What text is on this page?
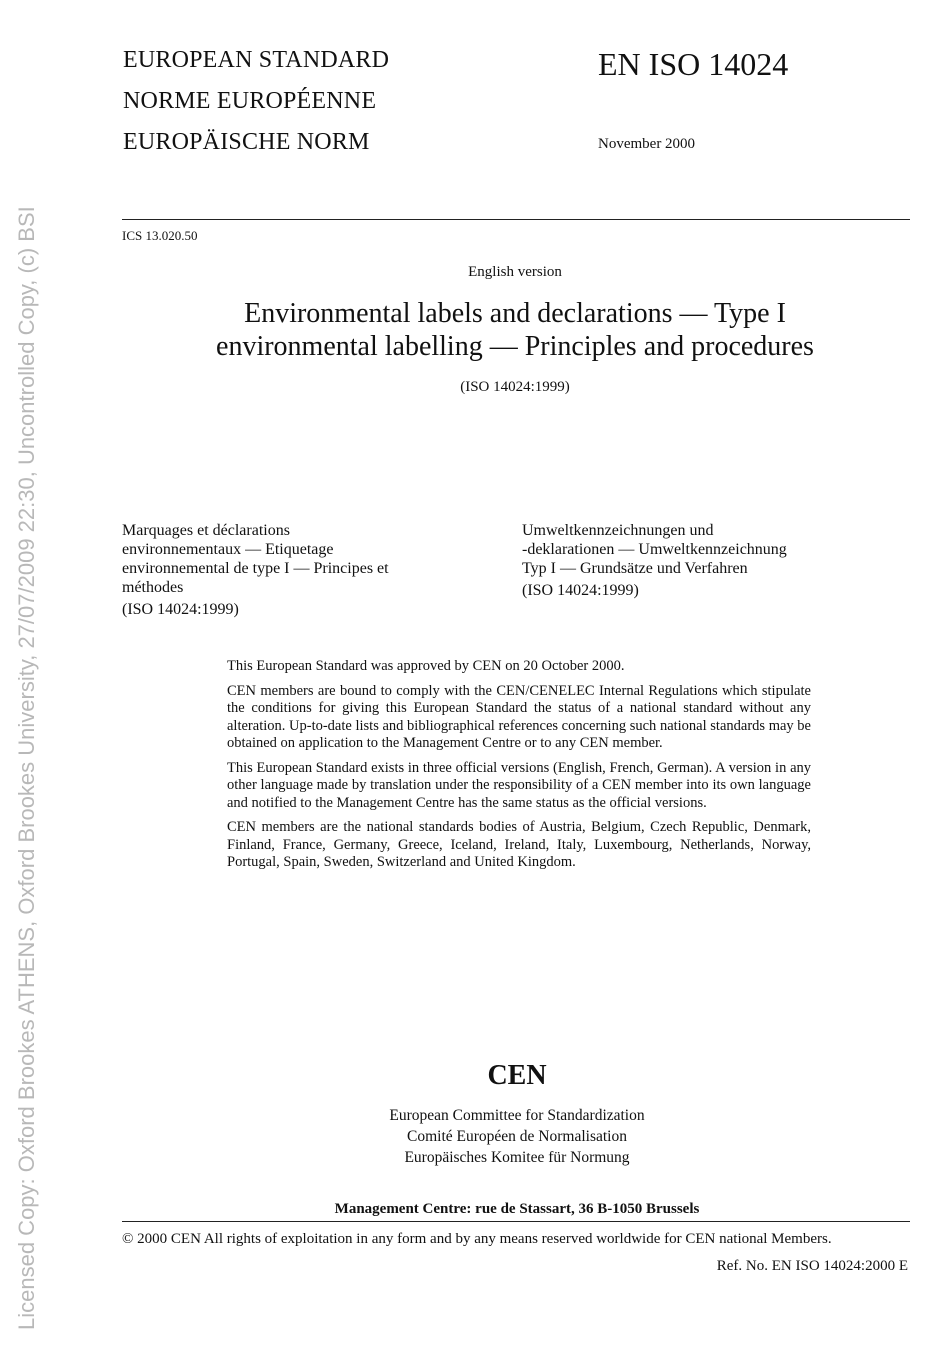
Licensed Copy: Oxford Brookes ATHENS, Oxford Brookes University, 27/07/2009 22:30, Uncontrolled Copy, (c) BSI
EUROPEAN STANDARD
NORME EUROPÉENNE
EUROPÄISCHE NORM
EN ISO 14024
November 2000
ICS 13.020.50
English version
Environmental labels and declarations — Type I
environmental labelling — Principles and procedures
(ISO 14024:1999)
Marquages et déclarations
environnementaux — Etiquetage
environnemental de type I — Principes et
méthodes
(ISO 14024:1999)
Umweltkennzeichnungen und
-deklarationen — Umweltkennzeichnung
Typ I — Grundsätze und Verfahren
(ISO 14024:1999)

This European Standard was approved by CEN on 20 October 2000.

CEN members are bound to comply with the CEN/CENELEC Internal Regulations which stipulate the conditions for giving this European Standard the status of a national standard without any alteration. Up-to-date lists and bibliographical references concerning such national standards may be obtained on application to the Management Centre or to any CEN member.

This European Standard exists in three official versions (English, French, German). A version in any other language made by translation under the responsibility of a CEN member into its own language and notified to the Management Centre has the same status as the official versions.

CEN members are the national standards bodies of Austria, Belgium, Czech Republic, Denmark, Finland, France, Germany, Greece, Iceland, Ireland, Italy, Luxembourg, Netherlands, Norway, Portugal, Spain, Sweden, Switzerland and United Kingdom.

CEN
European Committee for Standardization
Comité Européen de Normalisation
Europäisches Komitee für Normung
Management Centre: rue de Stassart, 36 B-1050 Brussels
© 2000 CEN All rights of exploitation in any form and by any means reserved worldwide for CEN national Members.
Ref. No. EN ISO 14024:2000 E
